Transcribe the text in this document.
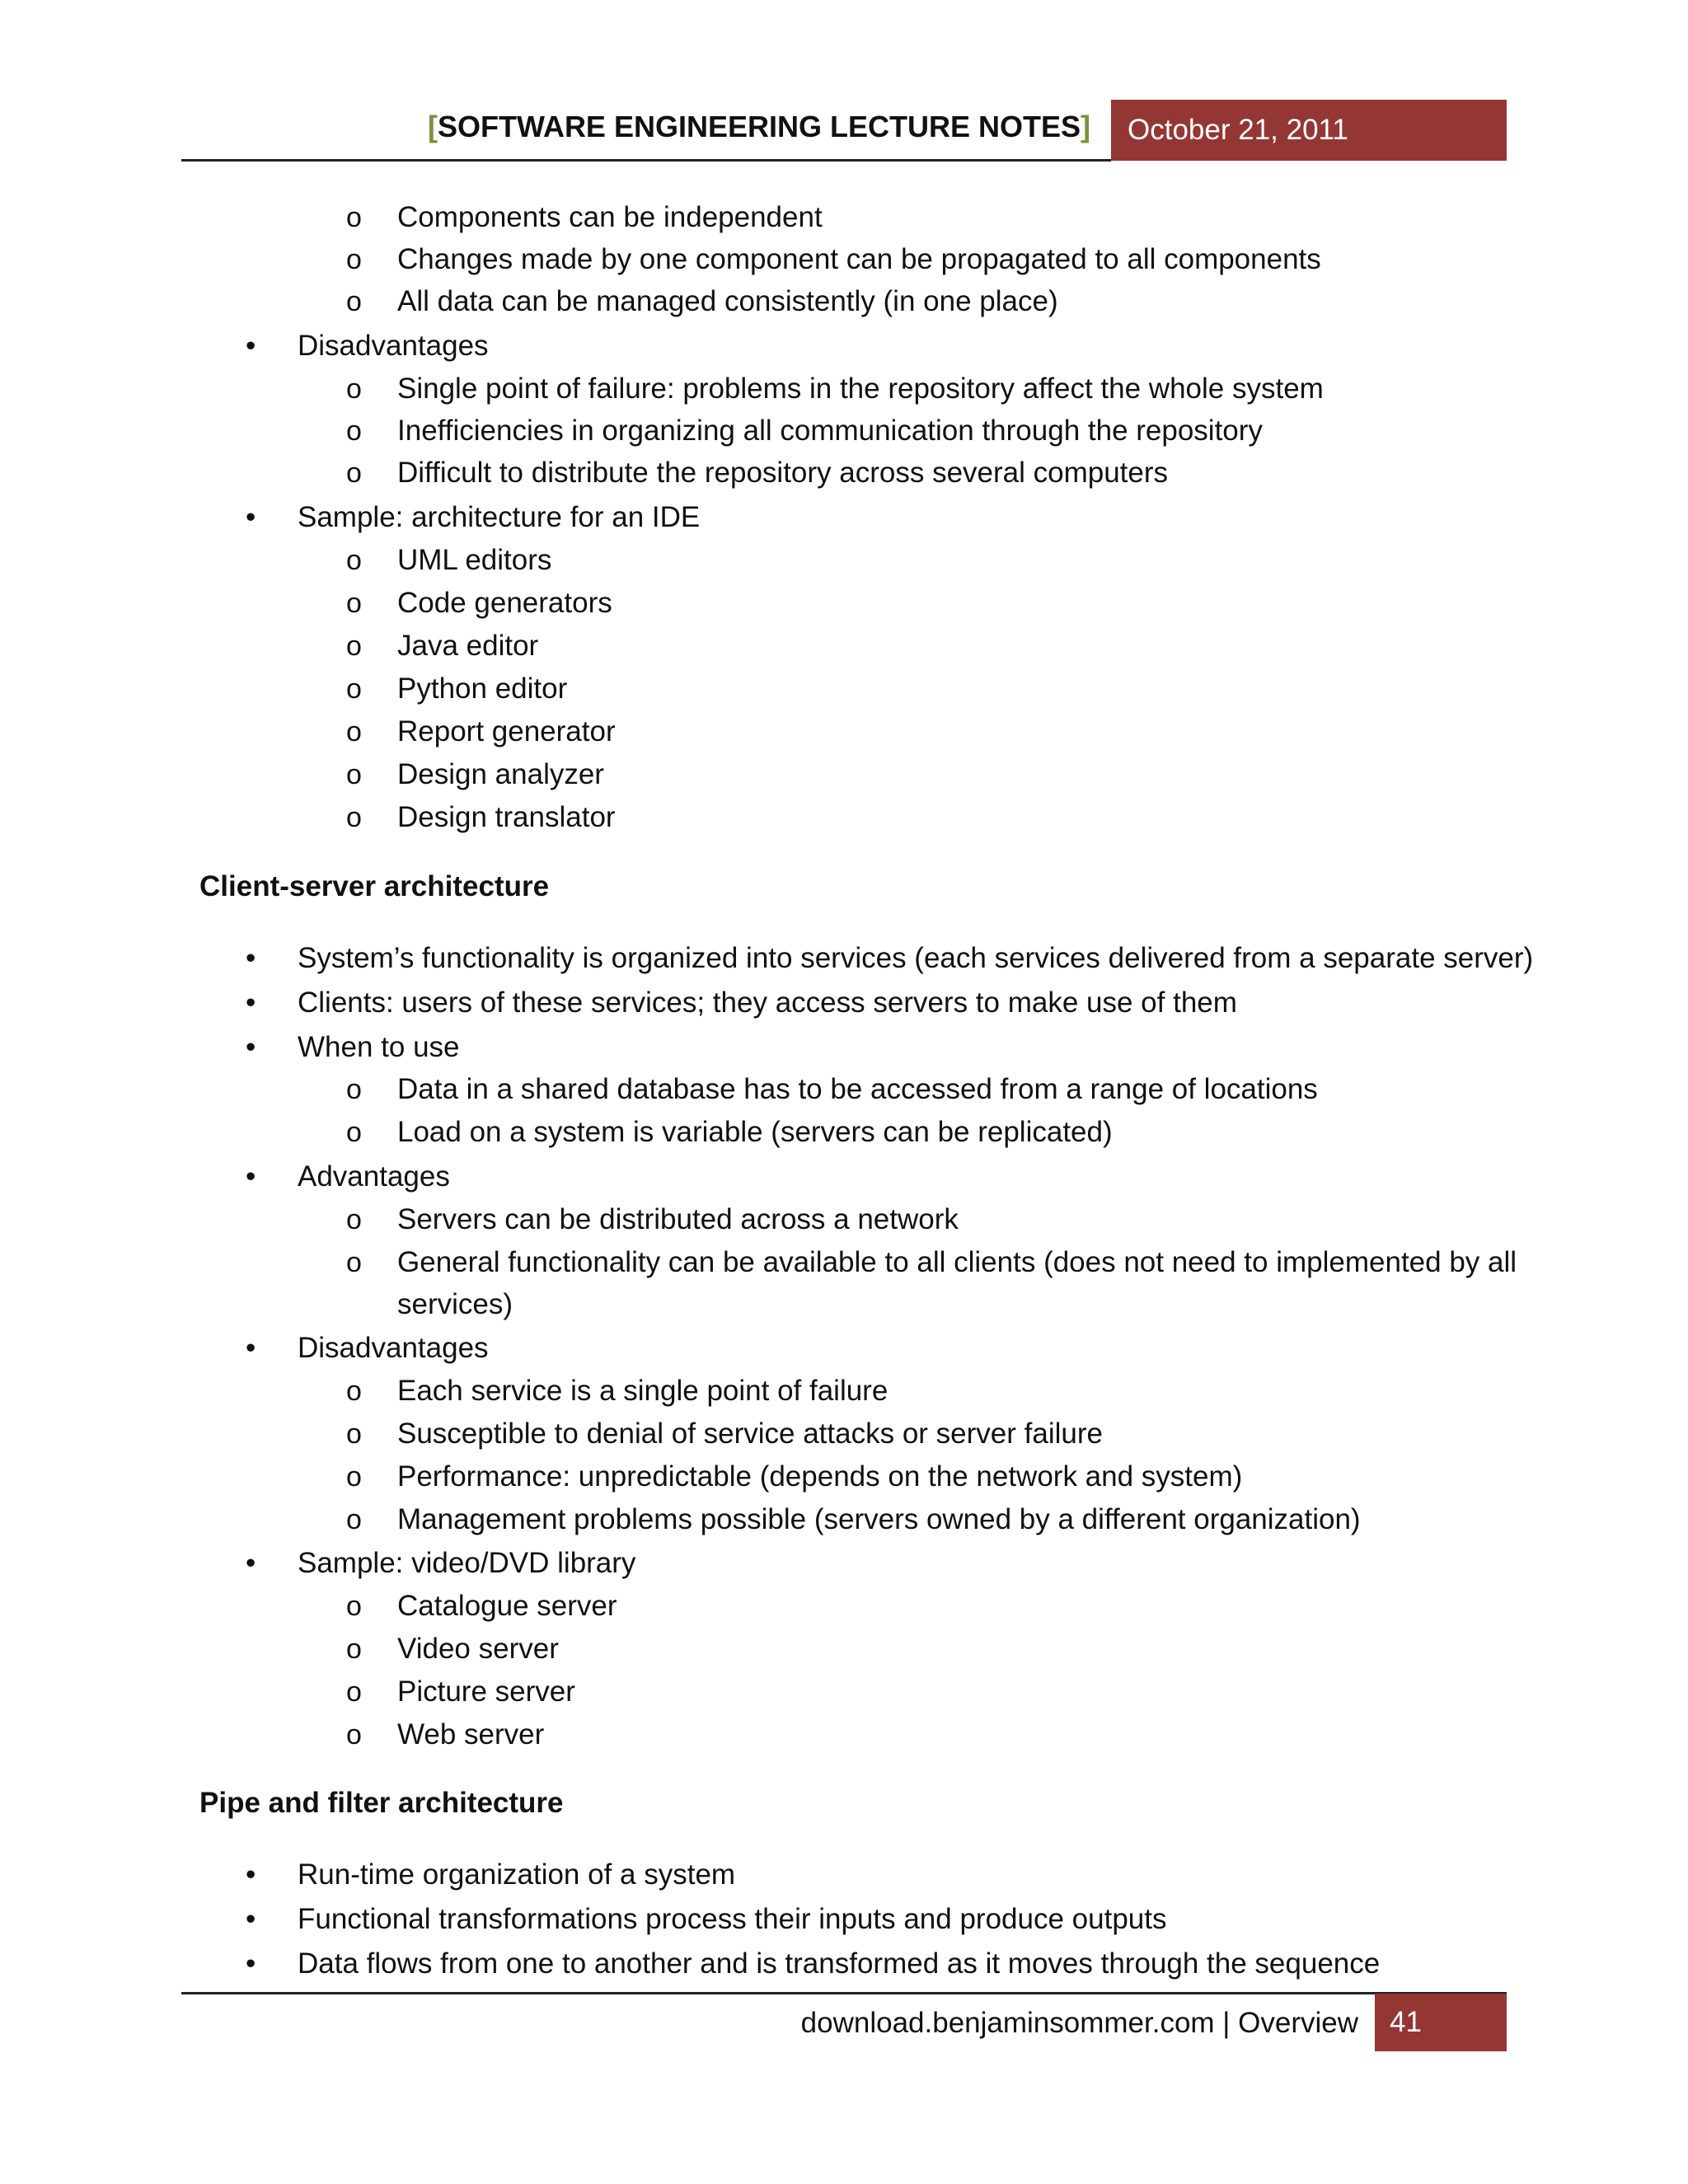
[SOFTWARE ENGINEERING LECTURE NOTES]	October 21, 2011
o Components can be independent
o Changes made by one component can be propagated to all components
o All data can be managed consistently (in one place)
• Disadvantages
o Single point of failure: problems in the repository affect the whole system
o Inefficiencies in organizing all communication through the repository
o Difficult to distribute the repository across several computers
• Sample: architecture for an IDE
o UML editors
o Code generators
o Java editor
o Python editor
o Report generator
o Design analyzer
o Design translator
Client-server architecture
• System’s functionality is organized into services (each services delivered from a separate server)
• Clients: users of these services; they access servers to make use of them
• When to use
o Data in a shared database has to be accessed from a range of locations
o Load on a system is variable (servers can be replicated)
• Advantages
o Servers can be distributed across a network
o General functionality can be available to all clients (does not need to implemented by all
services)
• Disadvantages
o Each service is a single point of failure
o Susceptible to denial of service attacks or server failure
o Performance: unpredictable (depends on the network and system)
o Management problems possible (servers owned by a different organization)
• Sample: video/DVD library
o Catalogue server
o Video server
o Picture server
o Web server
Pipe and filter architecture
• Run-time organization of a system
• Functional transformations process their inputs and produce outputs
• Data flows from one to another and is transformed as it moves through the sequence
download.benjaminsommer.com | Overview	41
